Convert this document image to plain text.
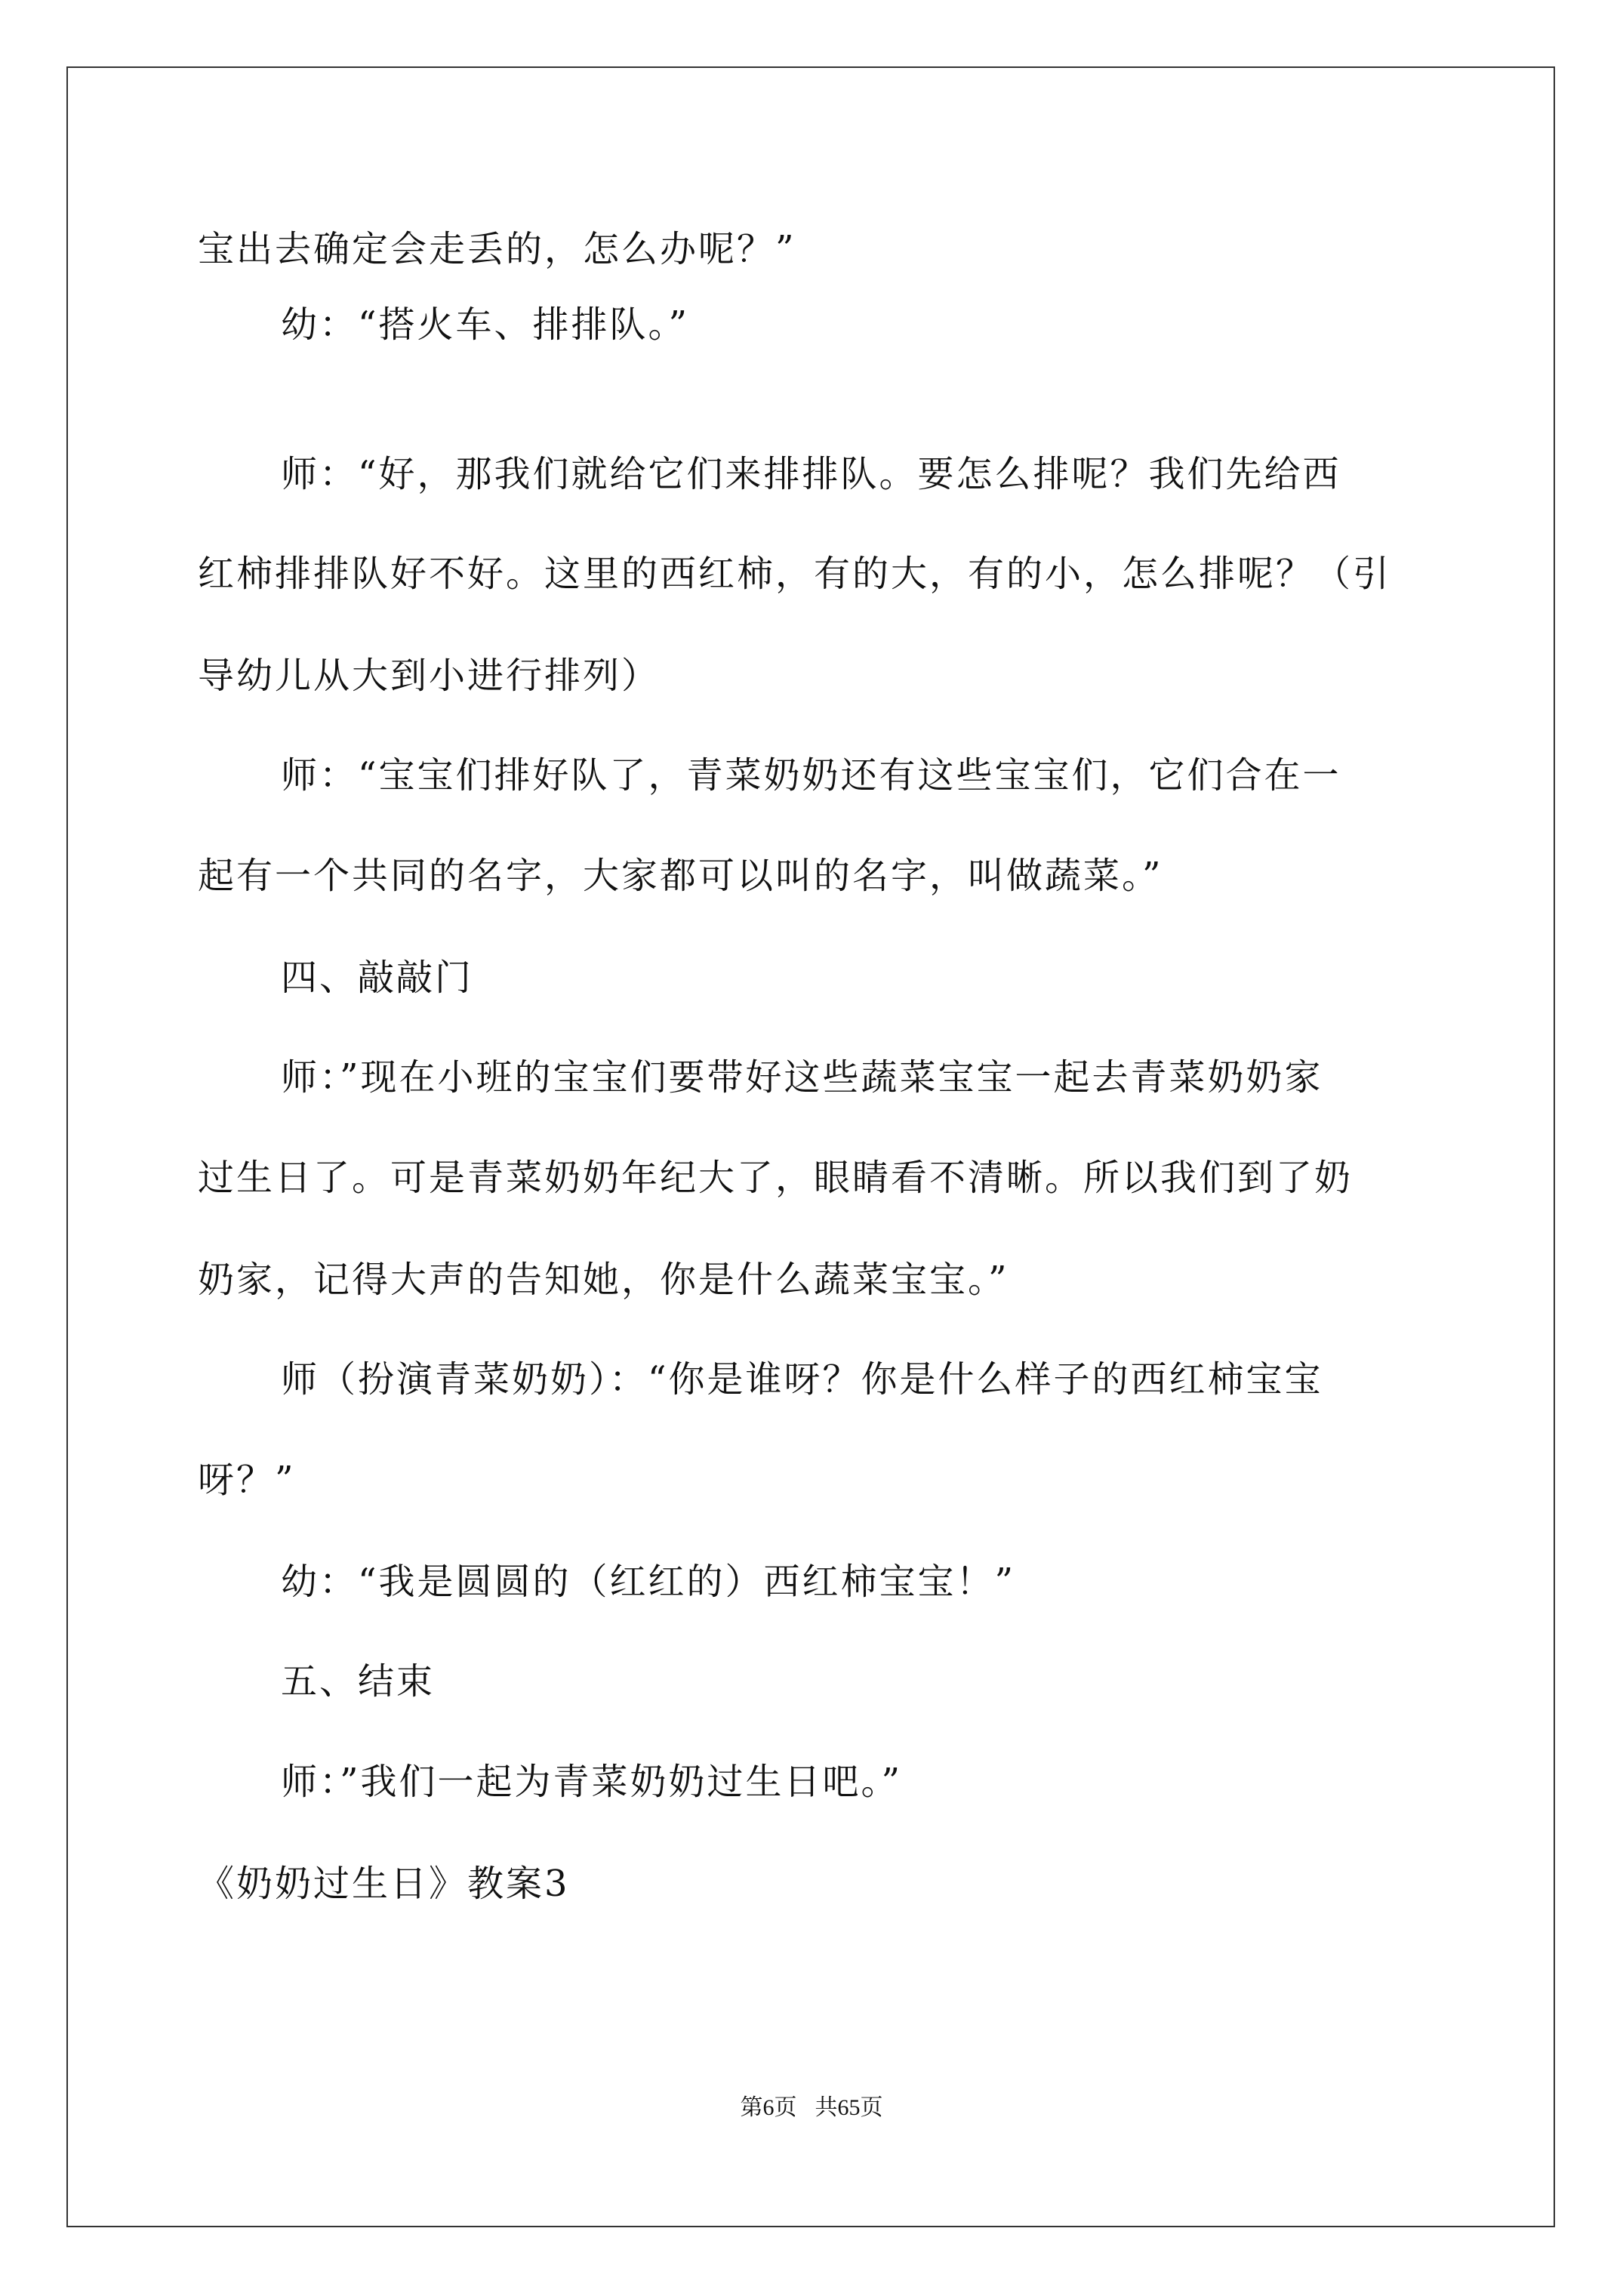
宝出去确定会走丢的，怎么办呢？”
幼：“搭火车、排排队。”
师：“好，那我们就给它们来排排队。要怎么排呢？我们先给西
红柿排排队好不好。这里的西红柿，有的大，有的小，怎么排呢？（引
导幼儿从大到小进行排列）
师：“宝宝们排好队了，青菜奶奶还有这些宝宝们，它们合在一
起有一个共同的名字，大家都可以叫的名字，叫做蔬菜。”
四、敲敲门
师：”现在小班的宝宝们要带好这些蔬菜宝宝一起去青菜奶奶家
过生日了。可是青菜奶奶年纪大了，眼睛看不清晰。所以我们到了奶
奶家，记得大声的告知她，你是什么蔬菜宝宝。”
师（扮演青菜奶奶）：“你是谁呀？你是什么样子的西红柿宝宝
呀？”
幼：“我是圆圆的（红红的）西红柿宝宝！”
五、结束
师：”我们一起为青菜奶奶过生日吧。”
《奶奶过生日》教案3
第6页 共65页
